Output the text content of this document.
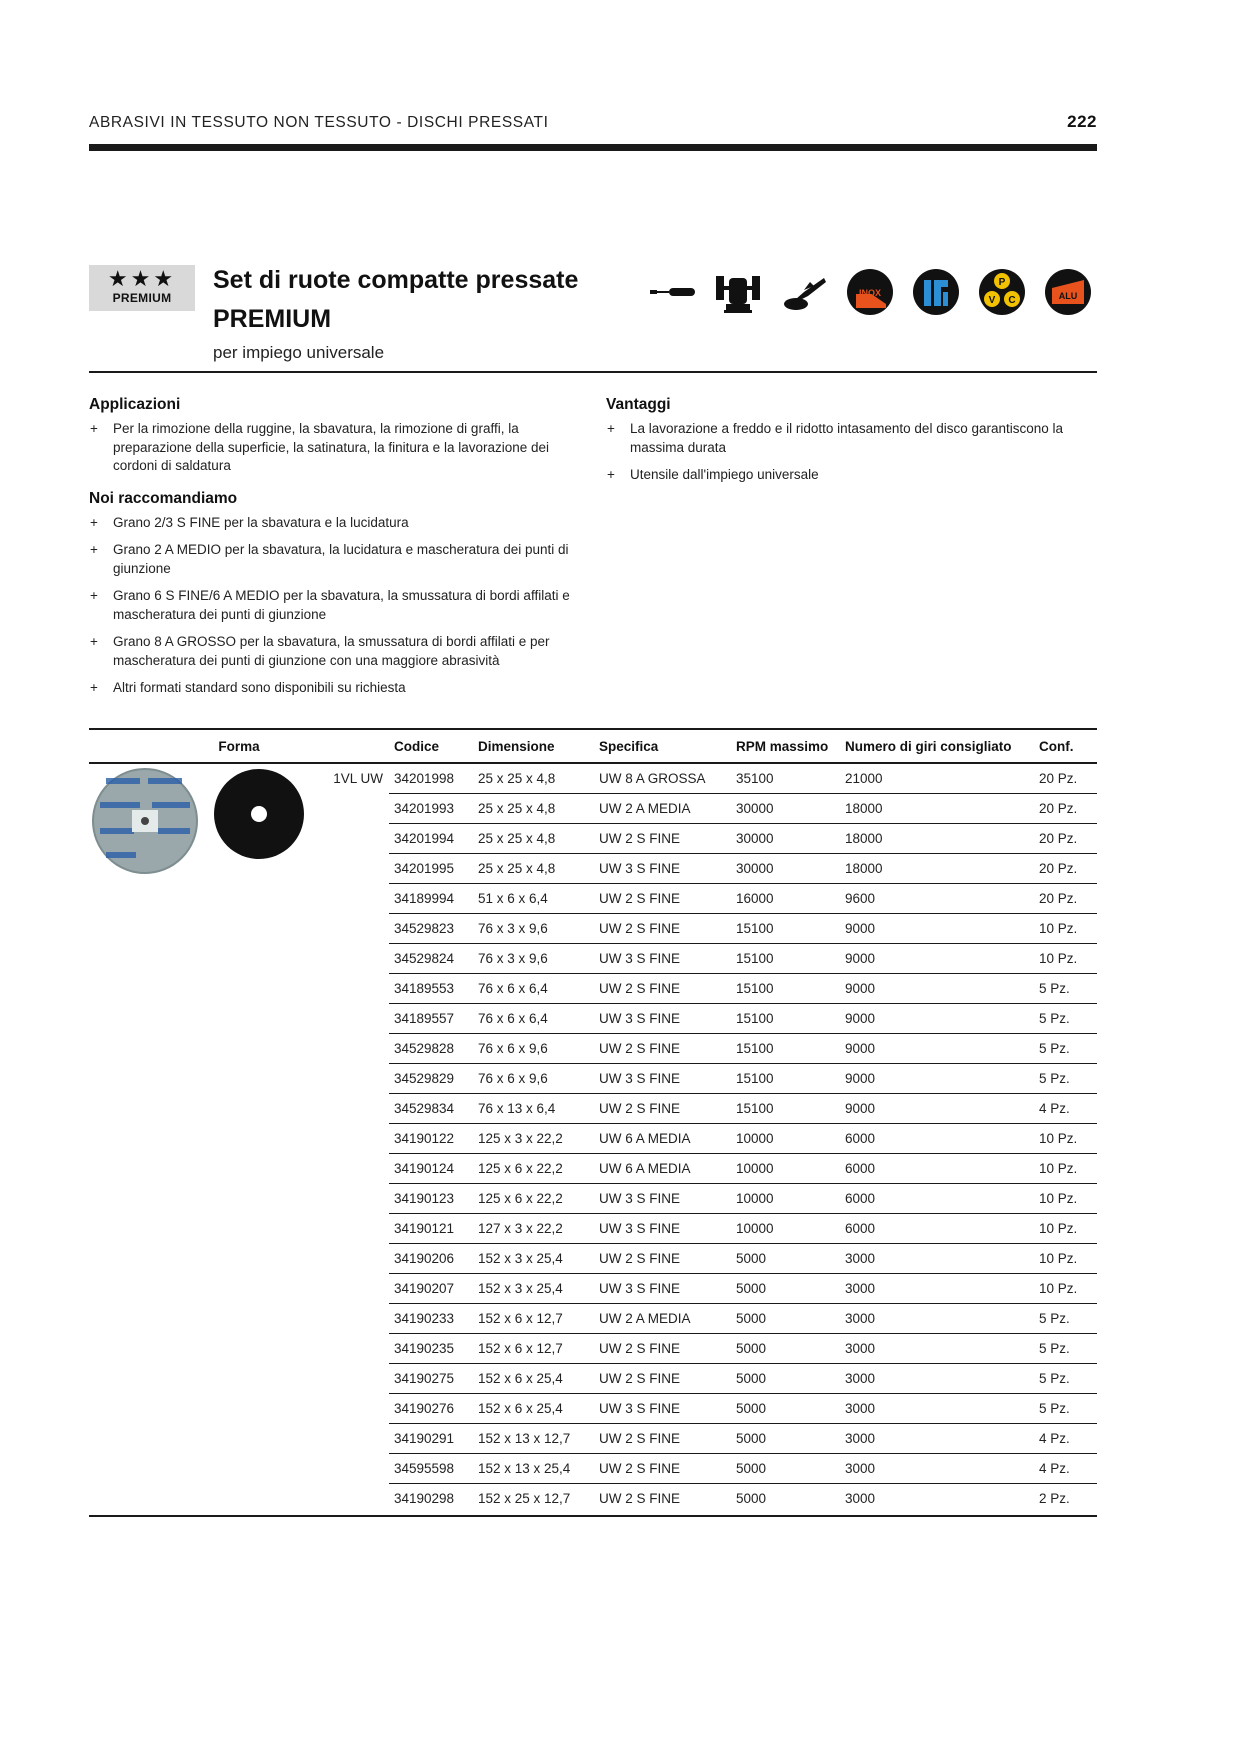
ABRASIVI IN TESSUTO NON TESSUTO - DISCHI PRESSATI	222
★★★
PREMIUM
Set di ruote compatte pressate
PREMIUM
per impiego universale
INOX
P
V C	ALU
Applicazioni
+ Per la rimozione della ruggine, la sbavatura, la rimozione di graffi, la preparazione della superficie, la satinatura, la finitura e la lavorazione dei cordoni di saldatura
Noi raccomandiamo
+ Grano 2/3 S FINE per la sbavatura e la lucidatura
+ Grano 2 A MEDIO per la sbavatura, la lucidatura e mascheratura dei punti di giunzione
+ Grano 6 S FINE/6 A MEDIO per la sbavatura, la smussatura di bordi affilati e mascheratura dei punti di giunzione
+ Grano 8 A GROSSO per la sbavatura, la smussatura di bordi affilati e per mascheratura dei punti di giunzione con una maggiore abrasività
+ Altri formati standard sono disponibili su richiesta
Vantaggi
+ La lavorazione a freddo e il ridotto intasamento del disco garantiscono la massima durata
+ Utensile dall'impiego universale
Forma	Codice	Dimensione	Specifica	RPM massimo	Numero di giri consigliato	Conf.

1VL UW	34201998	25 x 25 x 4,8	UW 8 A GROSSA	35100	21000	20 Pz.
	34201993	25 x 25 x 4,8	UW 2 A MEDIA	30000	18000	20 Pz.
	34201994	25 x 25 x 4,8	UW 2 S FINE	30000	18000	20 Pz.
	34201995	25 x 25 x 4,8	UW 3 S FINE	30000	18000	20 Pz.
	34189994	51 x 6 x 6,4	UW 2 S FINE	16000	9600	20 Pz.
	34529823	76 x 3 x 9,6	UW 2 S FINE	15100	9000	10 Pz.
	34529824	76 x 3 x 9,6	UW 3 S FINE	15100	9000	10 Pz.
	34189553	76 x 6 x 6,4	UW 2 S FINE	15100	9000	5 Pz.
	34189557	76 x 6 x 6,4	UW 3 S FINE	15100	9000	5 Pz.
	34529828	76 x 6 x 9,6	UW 2 S FINE	15100	9000	5 Pz.
	34529829	76 x 6 x 9,6	UW 3 S FINE	15100	9000	5 Pz.
	34529834	76 x 13 x 6,4	UW 2 S FINE	15100	9000	4 Pz.
	34190122	125 x 3 x 22,2	UW 6 A MEDIA	10000	6000	10 Pz.
	34190124	125 x 6 x 22,2	UW 6 A MEDIA	10000	6000	10 Pz.
	34190123	125 x 6 x 22,2	UW 3 S FINE	10000	6000	10 Pz.
	34190121	127 x 3 x 22,2	UW 3 S FINE	10000	6000	10 Pz.
	34190206	152 x 3 x 25,4	UW 2 S FINE	5000	3000	10 Pz.
	34190207	152 x 3 x 25,4	UW 3 S FINE	5000	3000	10 Pz.
	34190233	152 x 6 x 12,7	UW 2 A MEDIA	5000	3000	5 Pz.
	34190235	152 x 6 x 12,7	UW 2 S FINE	5000	3000	5 Pz.
	34190275	152 x 6 x 25,4	UW 2 S FINE	5000	3000	5 Pz.
	34190276	152 x 6 x 25,4	UW 3 S FINE	5000	3000	5 Pz.
	34190291	152 x 13 x 12,7	UW 2 S FINE	5000	3000	4 Pz.
	34595598	152 x 13 x 25,4	UW 2 S FINE	5000	3000	4 Pz.
	34190298	152 x 25 x 12,7	UW 2 S FINE	5000	3000	2 Pz.
